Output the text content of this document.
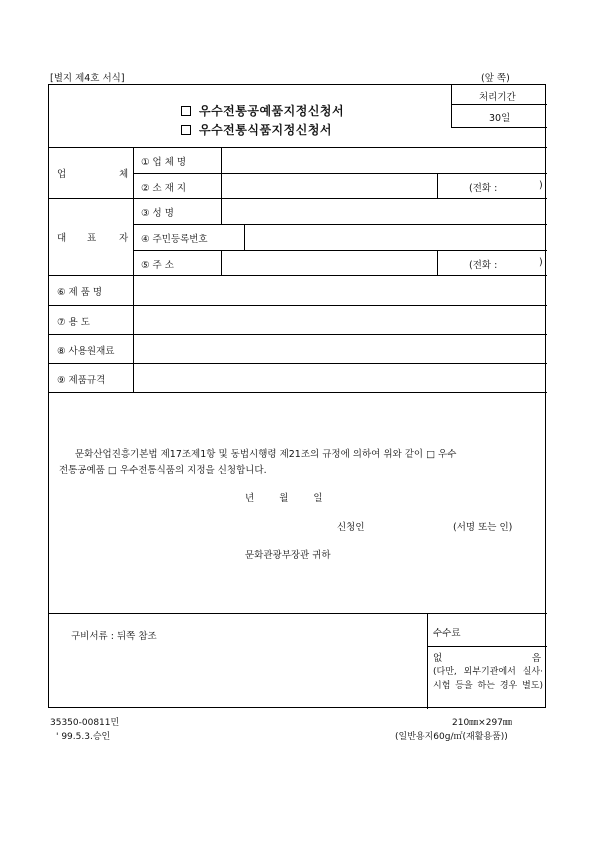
[별지 제4호 서식]	(앞 쪽)
우수전통공예품지정신청서
우수전통식품지정신청서
처리기간
30일
업	체
① 업 체 명
② 소 재 지	(전화 :	)
대 표 자
③ 성 명
④ 주민등록번호
⑤ 주 소	(전화 :	)
⑥ 제 품 명
⑦ 용 도
⑧ 사용원재료
⑨ 제품규격
문화산업진흥기본법 제17조제1항 및 동법시행령 제21조의 규정에 의하여 위와 같이 □ 우수
전통공예품 □ 우수전통식품의 지정을 신청합니다.
년 월 일
신청인	(서명 또는 인)
문화관광부장관 귀하
구비서류 : 뒤쪽 참조	수수료
없 음
(다만, 외부기관에서 실사·시험 등을 하는 경우 별도)
35350-00811민
' 99.5.3.승인
210㎜×297㎜
(일반용지60g/㎡(재활용품))
